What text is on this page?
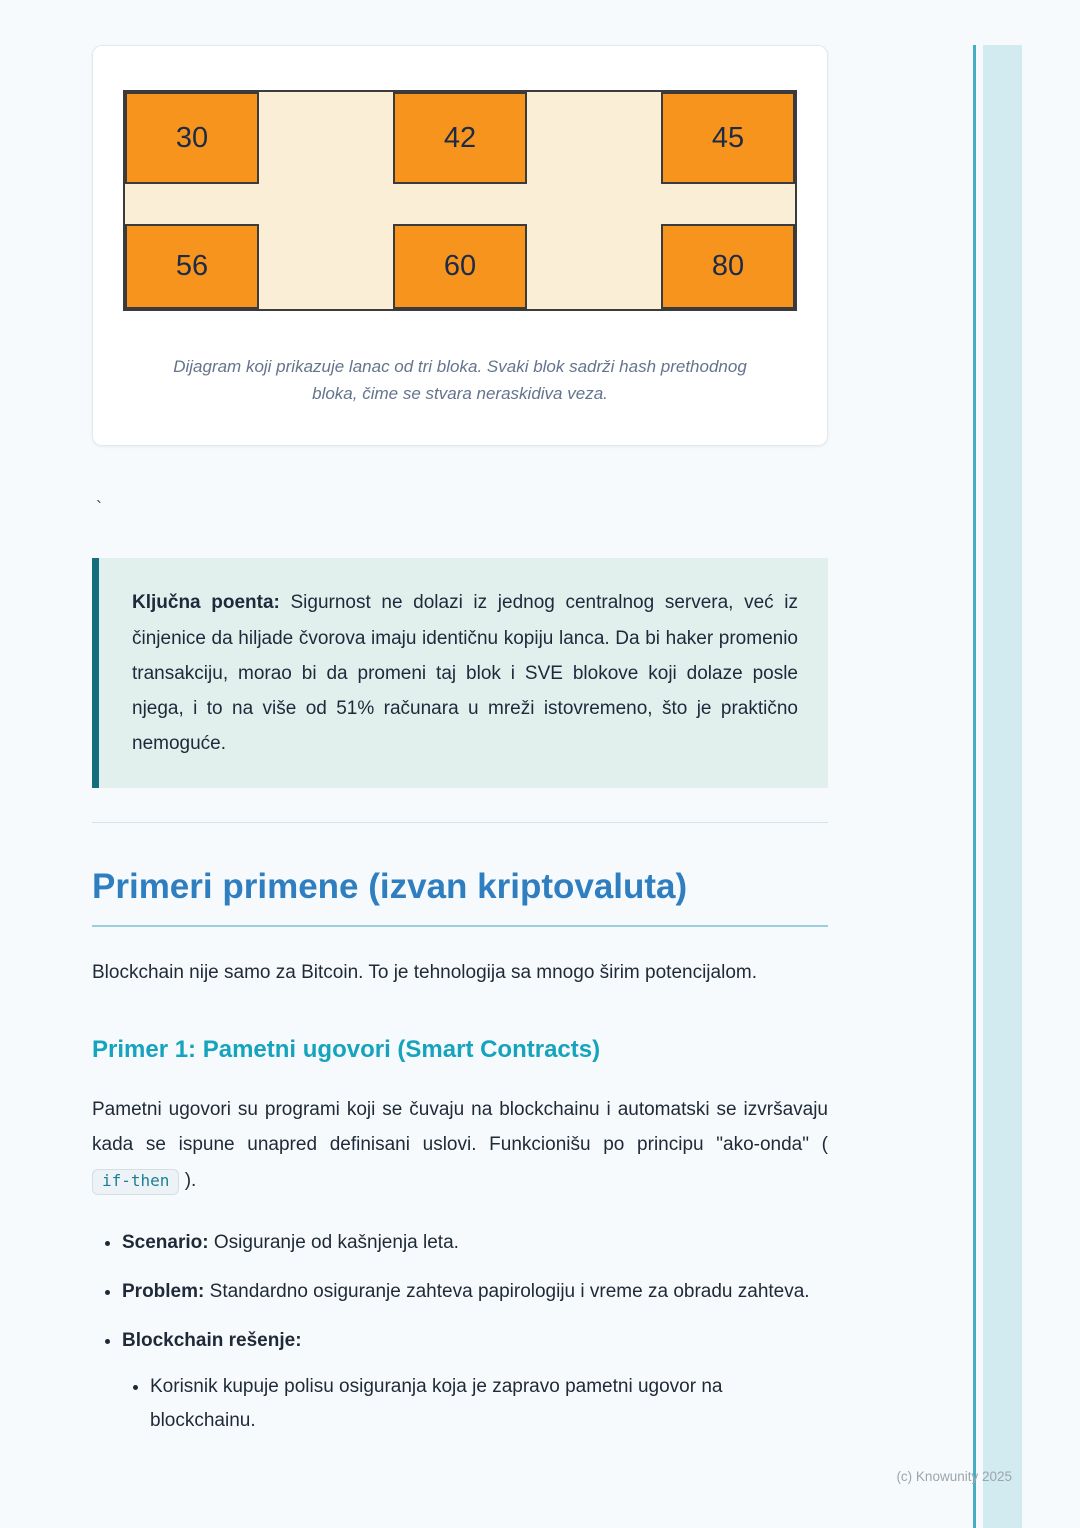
30	42	45
56	60	80

Dijagram koji prikazuje lanac od tri bloka. Svaki blok sadrži hash prethodnog bloka, čime se stvara neraskidiva veza.

`

Ključna poenta: Sigurnost ne dolazi iz jednog centralnog servera, već iz činjenice da hiljade čvorova imaju identičnu kopiju lanca. Da bi haker promenio transakciju, morao bi da promeni taj blok i SVE blokove koji dolaze posle njega, i to na više od 51% računara u mreži istovremeno, što je praktično nemoguće.

Primeri primene (izvan kriptovaluta)

Blockchain nije samo za Bitcoin. To je tehnologija sa mnogo širim potencijalom.

Primer 1: Pametni ugovori (Smart Contracts)

Pametni ugovori su programi koji se čuvaju na blockchainu i automatski se izvršavaju kada se ispune unapred definisani uslovi. Funkcionišu po principu "ako-onda" ( if-then ).

• Scenario: Osiguranje od kašnjenja leta.
• Problem: Standardno osiguranje zahteva papirologiju i vreme za obradu zahteva.
• Blockchain rešenje:
• Korisnik kupuje polisu osiguranja koja je zapravo pametni ugovor na blockchainu.
(c) Knowunity 2025
